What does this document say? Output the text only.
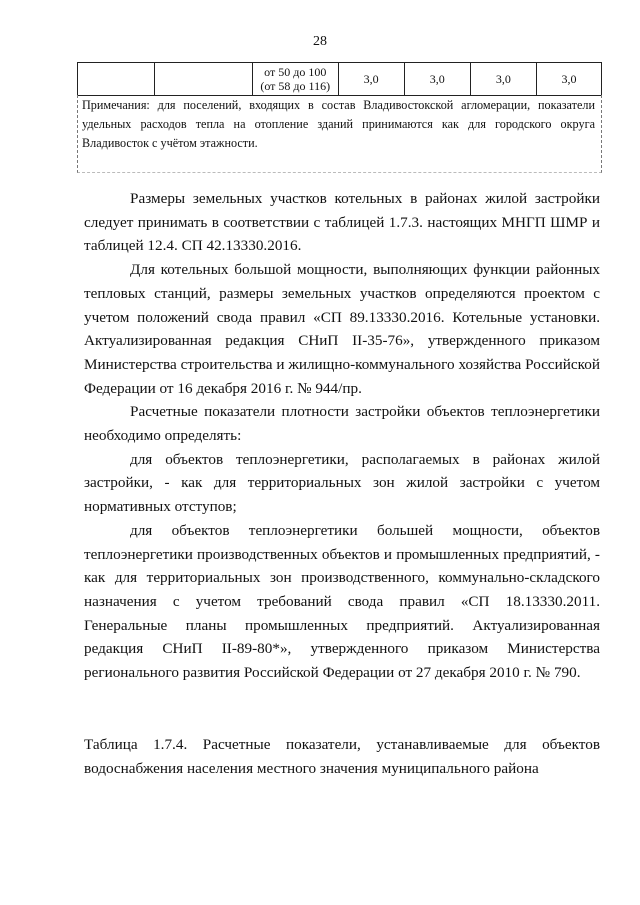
28

от 50 до 100
(от 58 до 116)
	3,0	3,0	3,0	3,0
Примечания: для поселений, входящих в состав Владивостокской агломерации, показатели удельных расходов тепла на отопление зданий принимаются как для городского округа Владивосток с учётом этажности.

Размеры земельных участков котельных в районах жилой застройки следует принимать в соответствии с таблицей 1.7.3. настоящих МНГП ШМР и таблицей 12.4. СП 42.13330.2016.

Для котельных большой мощности, выполняющих функции районных тепловых станций, размеры земельных участков определяются проектом с учетом положений свода правил «СП 89.13330.2016. Котельные установки. Актуализированная редакция СНиП II-35-76», утвержденного приказом Министерства строительства и жилищно-коммунального хозяйства Российской Федерации от 16 декабря 2016 г. № 944/пр.

Расчетные показатели плотности застройки объектов теплоэнергетики необходимо определять:

для объектов теплоэнергетики, располагаемых в районах жилой застройки, - как для территориальных зон жилой застройки с учетом нормативных отступов;

для объектов теплоэнергетики большей мощности, объектов теплоэнергетики производственных объектов и промышленных предприятий, - как для территориальных зон производственного, коммунально-складского назначения с учетом требований свода правил «СП 18.13330.2011. Генеральные планы промышленных предприятий. Актуализированная редакция СНиП II-89-80*», утвержденного приказом Министерства регионального развития Российской Федерации от 27 декабря 2010 г. № 790.

Таблица 1.7.4. Расчетные показатели, устанавливаемые для объектов водоснабжения населения местного значения муниципального района
